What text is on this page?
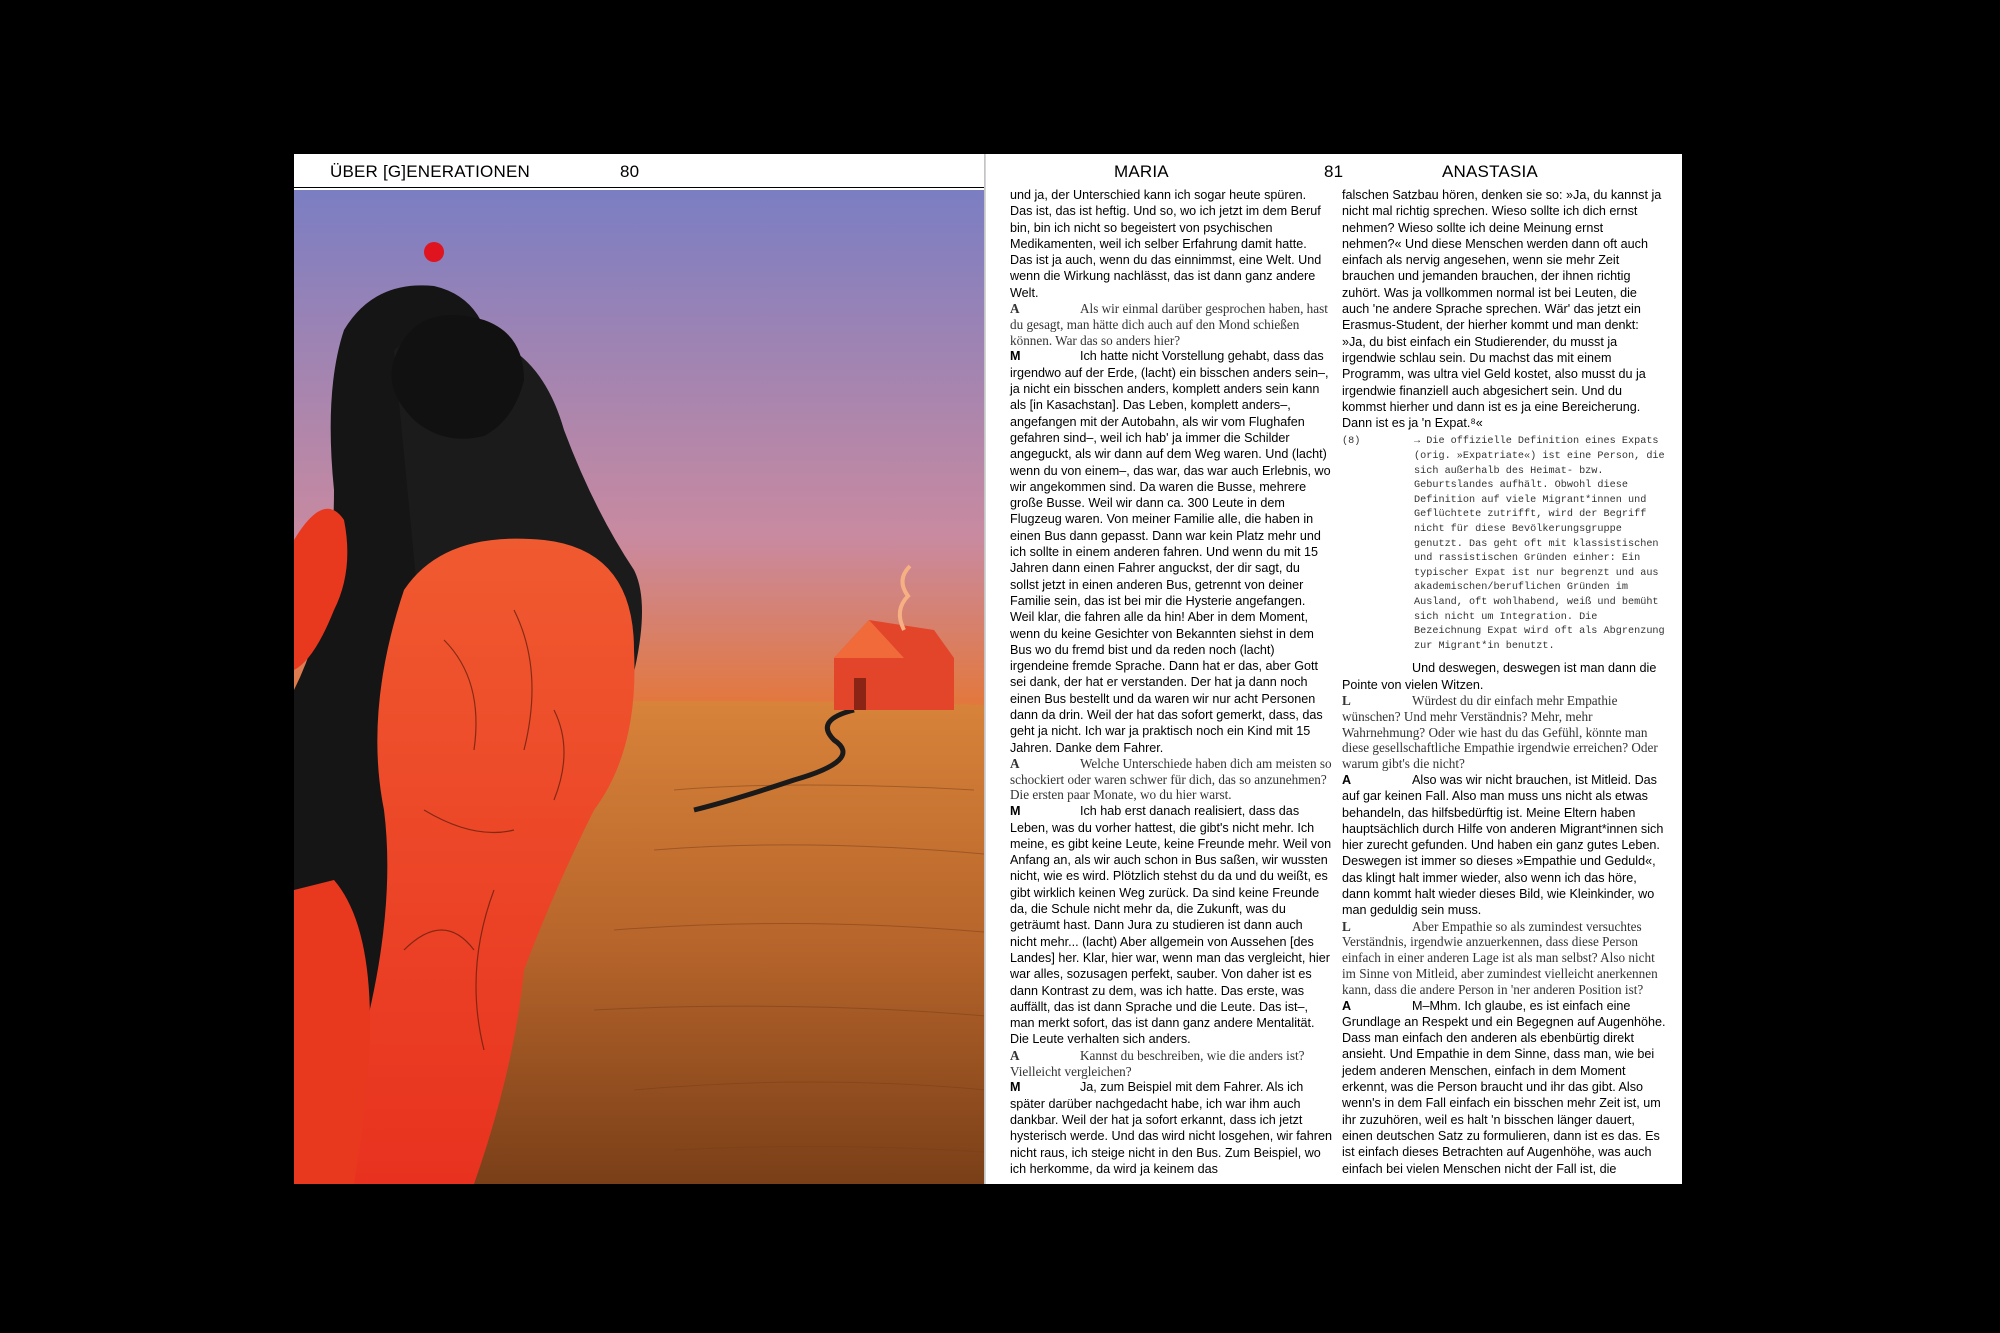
ÜBER [G]ENERATIONEN	80	MARIA	81	ANASTASIA

und ja, der Unterschied kann ich sogar heute spüren. Das ist, das ist heftig. Und so, wo ich jetzt im dem Beruf bin, bin ich nicht so begeistert von psychischen Medikamenten, weil ich selber Erfahrung damit hatte. Das ist ja auch, wenn du das einnimmst, eine Welt. Und wenn die Wirkung nachlässt, das ist dann ganz andere Welt.

A	Als wir einmal darüber gesprochen haben, hast du gesagt, man hätte dich auch auf den Mond schießen können. War das so anders hier?

M	Ich hatte nicht Vorstellung gehabt, dass das irgendwo auf der Erde, (lacht) ein bisschen anders sein–, ja nicht ein bisschen anders, komplett anders sein kann als [in Kasachstan]. Das Leben, komplett anders–, angefangen mit der Autobahn, als wir vom Flughafen gefahren sind–, weil ich hab' ja immer die Schilder angeguckt, als wir dann auf dem Weg waren. Und (lacht) wenn du von einem–, das war, das war auch Erlebnis, wo wir angekommen sind. Da waren die Busse, mehrere große Busse. Weil wir dann ca. 300 Leute in dem Flugzeug waren. Von meiner Familie alle, die haben in einen Bus dann gepasst. Dann war kein Platz mehr und ich sollte in einem anderen fahren. Und wenn du mit 15 Jahren dann einen Fahrer anguckst, der dir sagt, du sollst jetzt in einen anderen Bus, getrennt von deiner Familie sein, das ist bei mir die Hysterie angefangen. Weil klar, die fahren alle da hin! Aber in dem Moment, wenn du keine Gesichter von Bekannten siehst in dem Bus wo du fremd bist und da reden noch (lacht) irgendeine fremde Sprache. Dann hat er das, aber Gott sei dank, der hat er verstanden. Der hat ja dann noch einen Bus bestellt und da waren wir nur acht Personen dann da drin. Weil der hat das sofort gemerkt, dass, das geht ja nicht. Ich war ja praktisch noch ein Kind mit 15 Jahren. Danke dem Fahrer.

A	Welche Unterschiede haben dich am meisten so schockiert oder waren schwer für dich, das so anzunehmen? Die ersten paar Monate, wo du hier warst.

M	Ich hab erst danach realisiert, dass das Leben, was du vorher hattest, die gibt's nicht mehr. Ich meine, es gibt keine Leute, keine Freunde mehr. Weil von Anfang an, als wir auch schon in Bus saßen, wir wussten nicht, wie es wird. Plötzlich stehst du da und du weißt, es gibt wirklich keinen Weg zurück. Da sind keine Freunde da, die Schule nicht mehr da, die Zukunft, was du geträumt hast. Dann Jura zu studieren ist dann auch nicht mehr... (lacht) Aber allgemein von Aussehen [des Landes] her. Klar, hier war, wenn man das vergleicht, hier war alles, sozusagen perfekt, sauber. Von daher ist es dann Kontrast zu dem, was ich hatte. Das erste, was auffällt, das ist dann Sprache und die Leute. Das ist–, man merkt sofort, das ist dann ganz andere Mentalität. Die Leute verhalten sich anders.

A	Kannst du beschreiben, wie die anders ist? Vielleicht vergleichen?

M	Ja, zum Beispiel mit dem Fahrer. Als ich später darüber nachgedacht habe, ich war ihm auch dankbar. Weil der hat ja sofort erkannt, dass ich jetzt hysterisch werde. Und das wird nicht losgehen, wir fahren nicht raus, ich steige nicht in den Bus. Zum Beispiel, wo ich herkomme, da wird ja keinem das

falschen Satzbau hören, denken sie so: »Ja, du kannst ja nicht mal richtig sprechen. Wieso sollte ich dich ernst nehmen? Wieso sollte ich deine Meinung ernst nehmen?« Und diese Menschen werden dann oft auch einfach als nervig angesehen, wenn sie mehr Zeit brauchen und jemanden brauchen, der ihnen richtig zuhört. Was ja vollkommen normal ist bei Leuten, die auch 'ne andere Sprache sprechen. Wär' das jetzt ein Erasmus-Student, der hierher kommt und man denkt: »Ja, du bist einfach ein Studierender, du musst ja irgendwie schlau sein. Du machst das mit einem Programm, was ultra viel Geld kostet, also musst du ja irgendwie finanziell auch abgesichert sein. Und du kommst hierher und dann ist es ja eine Bereicherung. Dann ist es ja 'n Expat.⁸«

(8)	→ Die offizielle Definition eines Expats (orig. »Expatriate«) ist eine Person, die sich außerhalb des Heimat- bzw. Geburtslandes aufhält. Obwohl diese Definition auf viele Migrant*innen und Geflüchtete zutrifft, wird der Begriff nicht für diese Bevölkerungsgruppe genutzt. Das geht oft mit klassistischen und rassistischen Gründen einher: Ein typischer Expat ist nur begrenzt und aus akademischen/beruflichen Gründen im Ausland, oft wohlhabend, weiß und bemüht sich nicht um Integration. Die Bezeichnung Expat wird oft als Abgrenzung zur Migrant*in benutzt.

Und deswegen, deswegen ist man dann die Pointe von vielen Witzen.

L	Würdest du dir einfach mehr Empathie wünschen? Und mehr Verständnis? Mehr, mehr Wahrnehmung? Oder wie hast du das Gefühl, könnte man diese gesellschaftliche Empathie irgendwie erreichen? Oder warum gibt's die nicht?

A	Also was wir nicht brauchen, ist Mitleid. Das auf gar keinen Fall. Also man muss uns nicht als etwas behandeln, das hilfsbedürftig ist. Meine Eltern haben hauptsächlich durch Hilfe von anderen Migrant*innen sich hier zurecht gefunden. Und haben ein ganz gutes Leben. Deswegen ist immer so dieses »Empathie und Geduld«, das klingt halt immer wieder, also wenn ich das höre, dann kommt halt wieder dieses Bild, wie Kleinkinder, wo man geduldig sein muss.

L	Aber Empathie so als zumindest versuchtes Verständnis, irgendwie anzuerkennen, dass diese Person einfach in einer anderen Lage ist als man selbst? Also nicht im Sinne von Mitleid, aber zumindest vielleicht anerkennen kann, dass die andere Person in 'ner anderen Position ist?

A	M–Mhm. Ich glaube, es ist einfach eine Grundlage an Respekt und ein Begegnen auf Augenhöhe. Dass man einfach den anderen als ebenbürtig direkt ansieht. Und Empathie in dem Sinne, dass man, wie bei jedem anderen Menschen, einfach in dem Moment erkennt, was die Person braucht und ihr das gibt. Also wenn's in dem Fall einfach ein bisschen mehr Zeit ist, um ihr zuzuhören, weil es halt 'n bisschen länger dauert, einen deutschen Satz zu formulieren, dann ist es das. Es ist einfach dieses Betrachten auf Augenhöhe, was auch einfach bei vielen Menschen nicht der Fall ist, die
